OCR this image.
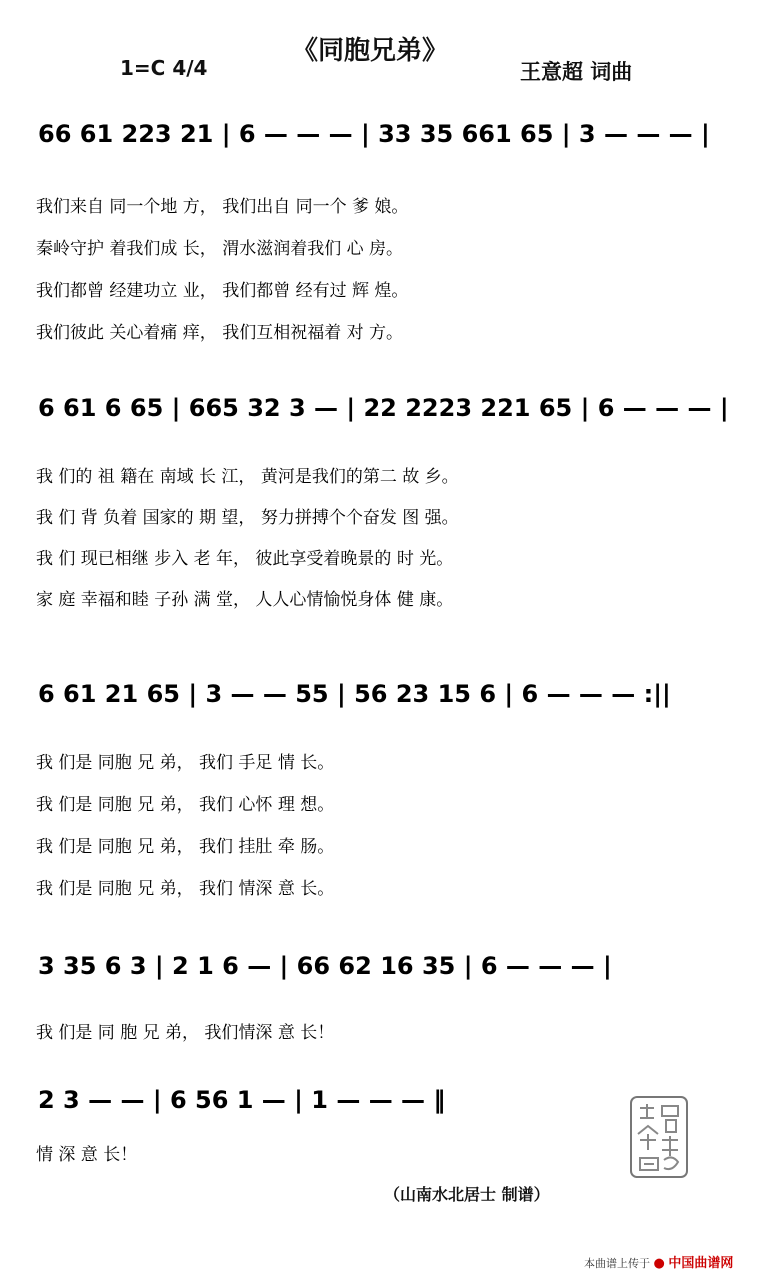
《同胞兄弟》
1=C 4/4	王意超 词曲
66 61 223 21 | 6 — — — | 33 35 661 65 | 3 — — — |
我们来自 同一个地 方， 我们出自 同一个 爹 娘。
秦岭守护 着我们成 长， 渭水滋润着我们 心 房。
我们都曾 经建功立 业， 我们都曾 经有过 辉 煌。
我们彼此 关心着痛 痒， 我们互相祝福着 对 方。
6 61 6 65 | 665 32 3 — | 22 2223 221 65 | 6 — — — |
我 们的 祖 籍在 南域 长 江， 黄河是我们的第二 故 乡。
我 们 背 负着 国家的 期 望， 努力拼搏个个奋发 图 强。
我 们 现已相继 步入 老 年， 彼此享受着晚景的 时 光。
家 庭 幸福和睦 子孙 满 堂， 人人心情愉悦身体 健 康。
6 61 21 65 | 3 — — 55 | 56 23 15 6 | 6 — — — :||
我 们是 同胞 兄 弟， 我们 手足 情 长。
我 们是 同胞 兄 弟， 我们 心怀 理 想。
我 们是 同胞 兄 弟， 我们 挂肚 牵 肠。
我 们是 同胞 兄 弟， 我们 情深 意 长。
3 35 6 3 | 2 1 6 — | 66 62 16 35 | 6 — — — |
我 们是 同 胞 兄 弟， 我们情深 意 长！
2 3 — — | 6 56 1 — | 1 — — — ‖
情 深 意 长！
（山南水北居士 制谱）
本曲谱上传于 ● 中国曲谱网
